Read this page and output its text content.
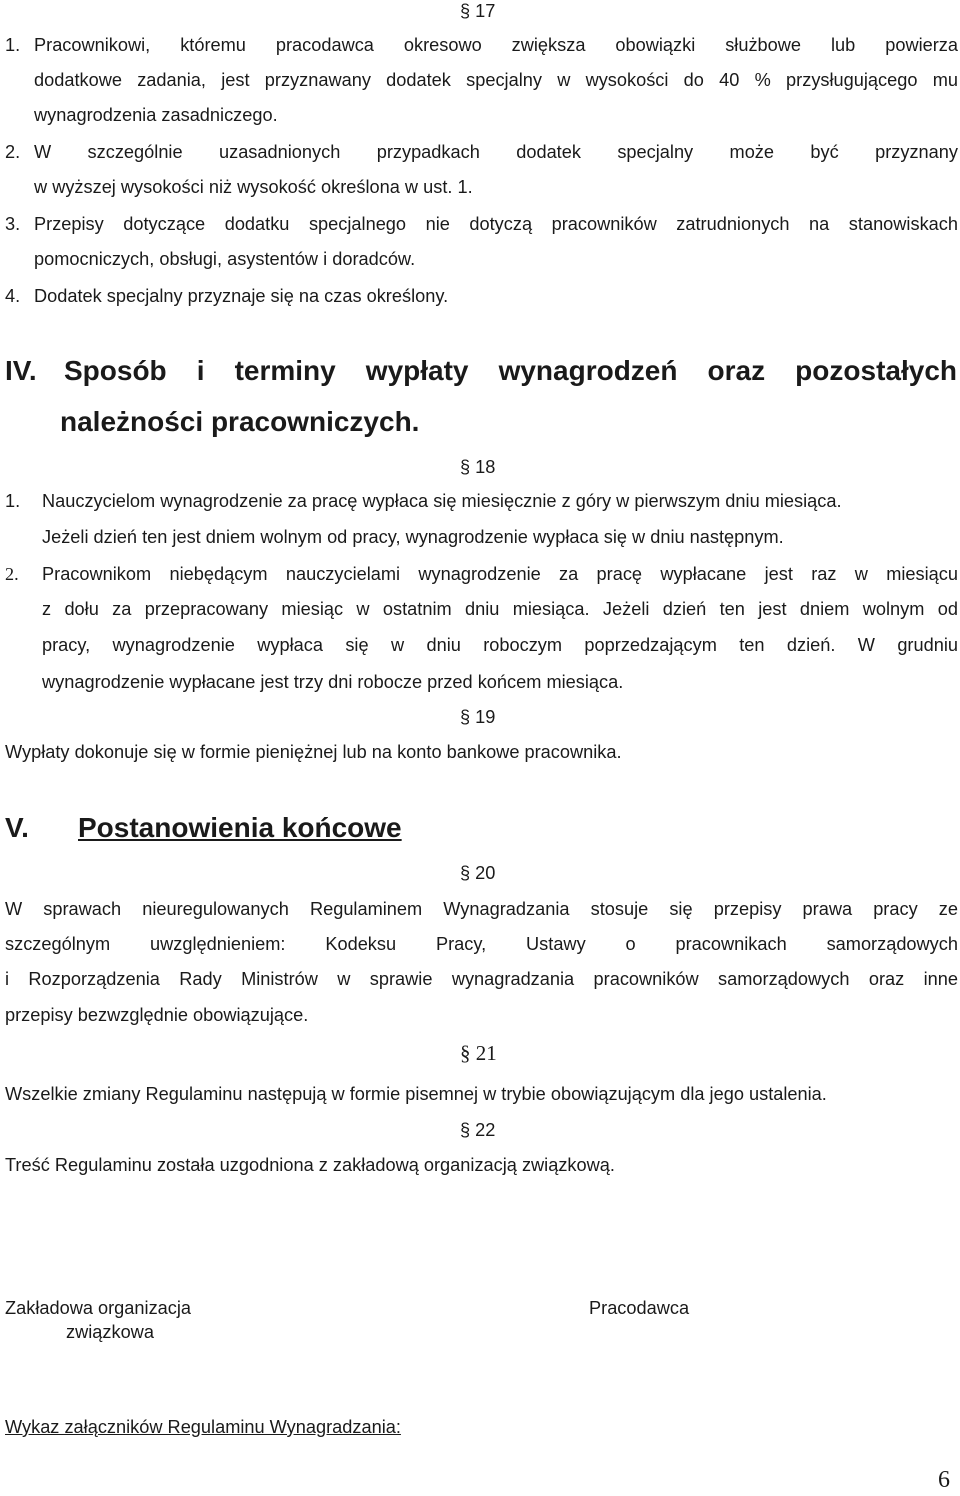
§ 17
1. Pracownikowi, któremu pracodawca okresowo zwiększa obowiązki służbowe lub powierza
dodatkowe zadania, jest przyznawany dodatek specjalny w wysokości do 40 % przysługującego mu
wynagrodzenia zasadniczego.
2. W szczególnie uzasadnionych przypadkach dodatek specjalny może być przyznany
w wyższej wysokości niż wysokość określona w ust. 1.
3. Przepisy dotyczące dodatku specjalnego nie dotyczą pracowników zatrudnionych na stanowiskach
pomocniczych, obsługi, asystentów i doradców.
4. Dodatek specjalny przyznaje się na czas określony.
IV. Sposób i terminy wypłaty wynagrodzeń oraz pozostałych
należności pracowniczych.
§ 18
1. Nauczycielom wynagrodzenie za pracę wypłaca się miesięcznie z góry w pierwszym dniu miesiąca.
Jeżeli dzień ten jest dniem wolnym od pracy, wynagrodzenie wypłaca się w dniu następnym.
2. Pracownikom niebędącym nauczycielami wynagrodzenie za pracę wypłacane jest raz w miesiącu
z dołu za przepracowany miesiąc w ostatnim dniu miesiąca. Jeżeli dzień ten jest dniem wolnym od
pracy, wynagrodzenie wypłaca się w dniu roboczym poprzedzającym ten dzień. W grudniu
wynagrodzenie wypłacane jest trzy dni robocze przed końcem miesiąca.
§ 19
Wypłaty dokonuje się w formie pieniężnej lub na konto bankowe pracownika.
V. Postanowienia końcowe
§ 20
W sprawach nieuregulowanych Regulaminem Wynagradzania stosuje się przepisy prawa pracy ze
szczególnym uwzględnieniem: Kodeksu Pracy, Ustawy o pracownikach samorządowych
i Rozporządzenia Rady Ministrów w sprawie wynagradzania pracowników samorządowych oraz inne
przepisy bezwzględnie obowiązujące.
§ 21
Wszelkie zmiany Regulaminu następują w formie pisemnej w trybie obowiązującym dla jego ustalenia.
§ 22
Treść Regulaminu została uzgodniona z zakładową organizacją związkową.
Zakładowa organizacja
związkowa
Pracodawca
Wykaz załączników Regulaminu Wynagradzania:
6
